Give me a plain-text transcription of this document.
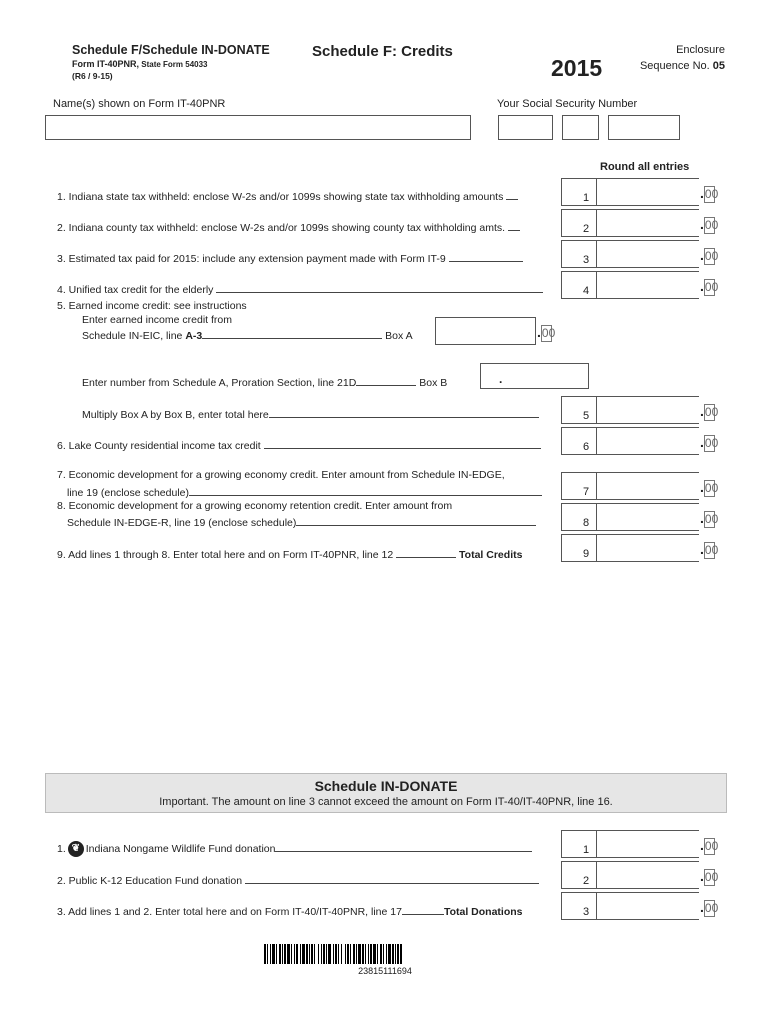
Schedule F/Schedule IN-DONATE
Form IT-40PNR, State Form 54033
(R6 / 9-15)
Schedule F: Credits
2015
Enclosure
Sequence No. 05
Name(s) shown on Form IT-40PNR	Your Social Security Number
Round all entries
1. Indiana state tax withheld: enclose W-2s and/or 1099s showing state tax withholding amounts	1	.00
2. Indiana county tax withheld: enclose W-2s and/or 1099s showing county tax withholding amts.	2	.00
3. Estimated tax paid for 2015: include any extension payment made with Form IT-9	3	.00
4. Unified tax credit for the elderly	4	.00
5. Earned income credit: see instructions
Enter earned income credit from
Schedule IN-EIC, line A-3	Box A	.00
Enter number from Schedule A, Proration Section, line 21D	Box B	.
Multiply Box A by Box B, enter total here	5	.00
6. Lake County residential income tax credit	6	.00
7. Economic development for a growing economy credit. Enter amount from Schedule IN-EDGE,
line 19 (enclose schedule)	7	.00
8. Economic development for a growing economy retention credit. Enter amount from
Schedule IN-EDGE-R, line 19 (enclose schedule)	8	.00
9. Add lines 1 through 8. Enter total here and on Form IT-40PNR, line 12	Total Credits	9	.00
Schedule IN-DONATE
Important. The amount on line 3 cannot exceed the amount on Form IT-40/IT-40PNR, line 16.
1. ❦ Indiana Nongame Wildlife Fund donation	1	.00
2. Public K-12 Education Fund donation	2	.00
3. Add lines 1 and 2. Enter total here and on Form IT-40/IT-40PNR, line 17	Total Donations	3	.00
23815111694
